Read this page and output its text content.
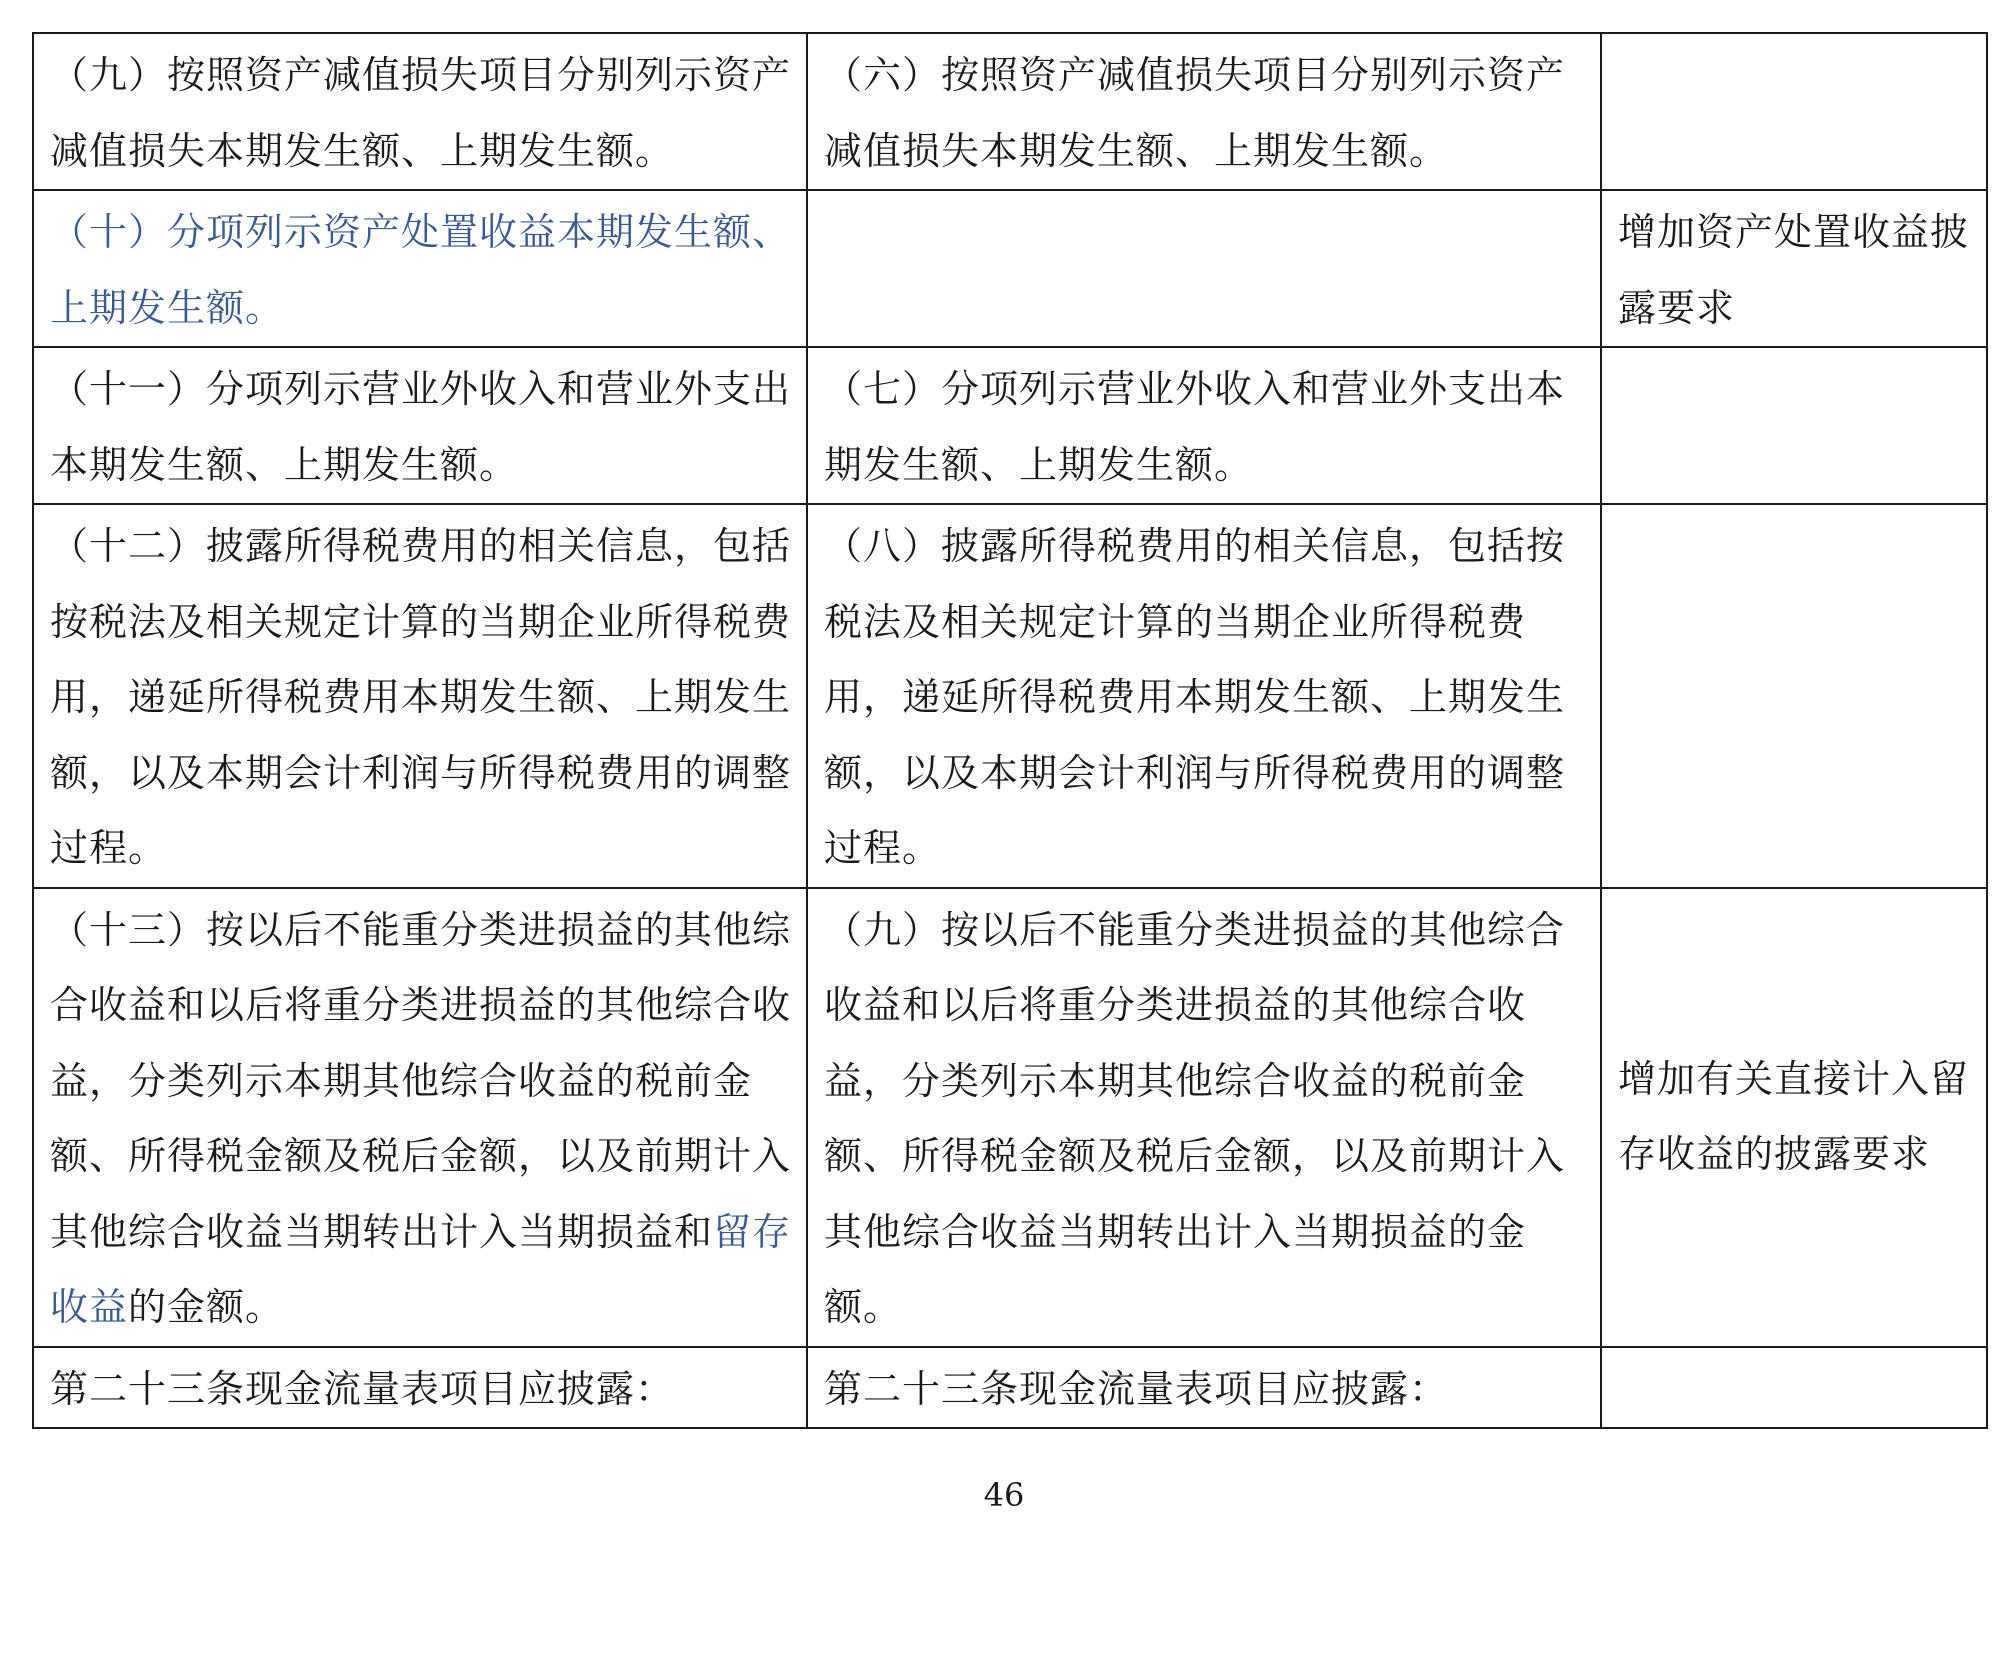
（九）按照资产减值损失项目分别列示资产减值损失本期发生额、上期发生额。	（六）按照资产减值损失项目分别列示资产减值损失本期发生额、上期发生额。	
（十）分项列示资产处置收益本期发生额、上期发生额。		增加资产处置收益披露要求
（十一）分项列示营业外收入和营业外支出本期发生额、上期发生额。	（七）分项列示营业外收入和营业外支出本期发生额、上期发生额。	
（十二）披露所得税费用的相关信息，包括按税法及相关规定计算的当期企业所得税费用，递延所得税费用本期发生额、上期发生额，以及本期会计利润与所得税费用的调整过程。	（八）披露所得税费用的相关信息，包括按税法及相关规定计算的当期企业所得税费用，递延所得税费用本期发生额、上期发生额，以及本期会计利润与所得税费用的调整过程。	
（十三）按以后不能重分类进损益的其他综合收益和以后将重分类进损益的其他综合收益，分类列示本期其他综合收益的税前金额、所得税金额及税后金额，以及前期计入其他综合收益当期转出计入当期损益和留存收益的金额。	（九）按以后不能重分类进损益的其他综合收益和以后将重分类进损益的其他综合收益，分类列示本期其他综合收益的税前金额、所得税金额及税后金额，以及前期计入其他综合收益当期转出计入当期损益的金额。	增加有关直接计入留存收益的披露要求
第二十三条现金流量表项目应披露：	第二十三条现金流量表项目应披露：	
46
